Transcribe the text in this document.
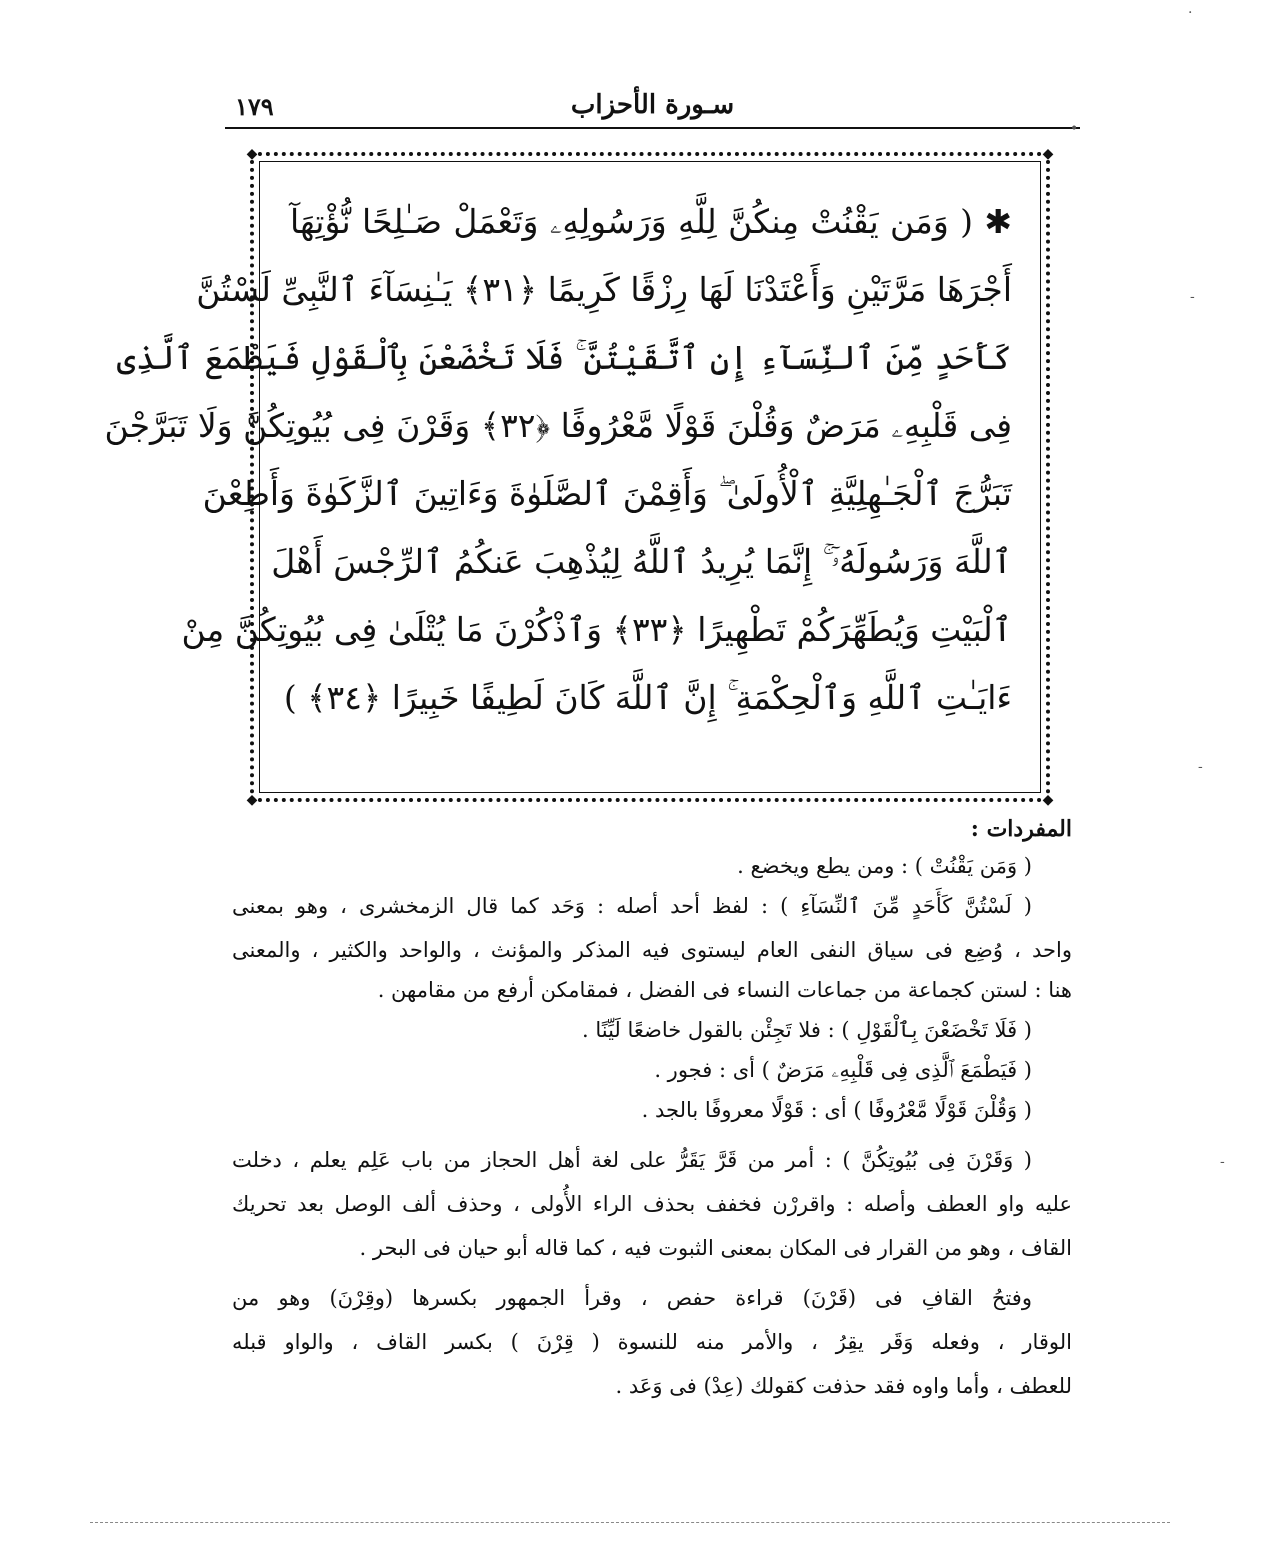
سـورة الأحزاب
١٧٩
◆	◆
◆	◆
✱ ( وَمَن يَقْنُتْ مِنكُنَّ لِلَّهِ وَرَسُولِهِۦ وَتَعْمَلْ صَـٰلِحًا نُّؤْتِهَآ
أَجْرَهَا مَرَّتَيْنِ وَأَعْتَدْنَا لَهَا رِزْقًا كَرِيمًا ﴿٣١﴾ يَـٰنِسَآءَ ٱلنَّبِىِّ لَسْتُنَّ
كَأَحَدٍ مِّنَ ٱلنِّسَآءِ إِنِ ٱتَّقَيْتُنَّ ۚ فَلَا تَخْضَعْنَ بِٱلْقَوْلِ فَيَطْمَعَ ٱلَّذِى
فِى قَلْبِهِۦ مَرَضٌ وَقُلْنَ قَوْلًا مَّعْرُوفًا ﴿٣٢﴾ وَقَرْنَ فِى بُيُوتِكُنَّ وَلَا تَبَرَّجْنَ
تَبَرُّجَ ٱلْجَـٰهِلِيَّةِ ٱلْأُولَىٰ ۖ وَأَقِمْنَ ٱلصَّلَوٰةَ وَءَاتِينَ ٱلزَّكَوٰةَ وَأَطِعْنَ
ٱللَّهَ وَرَسُولَهُۥٓ ۚ إِنَّمَا يُرِيدُ ٱللَّهُ لِيُذْهِبَ عَنكُمُ ٱلرِّجْسَ أَهْلَ
ٱلْبَيْتِ وَيُطَهِّرَكُمْ تَطْهِيرًا ﴿٣٣﴾ وَٱذْكُرْنَ مَا يُتْلَىٰ فِى بُيُوتِكُنَّ مِنْ
ءَايَـٰتِ ٱللَّهِ وَٱلْحِكْمَةِ ۚ إِنَّ ٱللَّهَ كَانَ لَطِيفًا خَبِيرًا ﴿٣٤﴾ )
المفردات :
( وَمَن يَقْنُتْ ) : ومن يطع ويخضع .
( لَسْتُنَّ كَأَحَدٍ مِّنَ ٱلنِّسَآءِ ) : لفظ أحد أصله : وَحَد كما قال الزمخشرى ، وهو بمعنى
واحد ، وُضِع فى سياق النفى العام ليستوى فيه المذكر والمؤنث ، والواحد والكثير ، والمعنى
هنا : لستن كجماعة من جماعات النساء فى الفضل ، فمقامكن أرفع من مقامهن .
( فَلَا تَخْضَعْنَ بِٱلْقَوْلِ ) : فلا تَجِئْن بالقول خاضعًا لَيِّنًا .
( فَيَطْمَعَ ٱلَّذِى فِى قَلْبِهِۦ مَرَضٌ ) أى : فجور .
( وَقُلْنَ قَوْلًا مَّعْرُوفًا ) أى : قَوْلًا معروفًا بالجد .
( وَقَرْنَ فِى بُيُوتِكُنَّ ) : أمر من قَرَّ يَقَرُّ على لغة أهل الحجاز من باب عَلِم يعلم ، دخلت
عليه واو العطف وأصله : واقررْن فخفف بحذف الراء الأُولى ، وحذف ألف الوصل بعد تحريك
القاف ، وهو من القرار فى المكان بمعنى الثبوت فيه ، كما قاله أبو حيان فى البحر .
وفتحُ القافِ فى (قَرْنَ) قراءة حفص ، وقرأ الجمهور بكسرها (وقِرْنَ) وهو من
الوقار ، وفعله وَقَر يقِرُ ، والأمر منه للنسوة ( قِرْنَ ) بكسر القاف ، والواو قبله
للعطف ، وأما واوه فقد حذفت كقولك (عِدْ) فى وَعَد .
·
-
-
-
•
